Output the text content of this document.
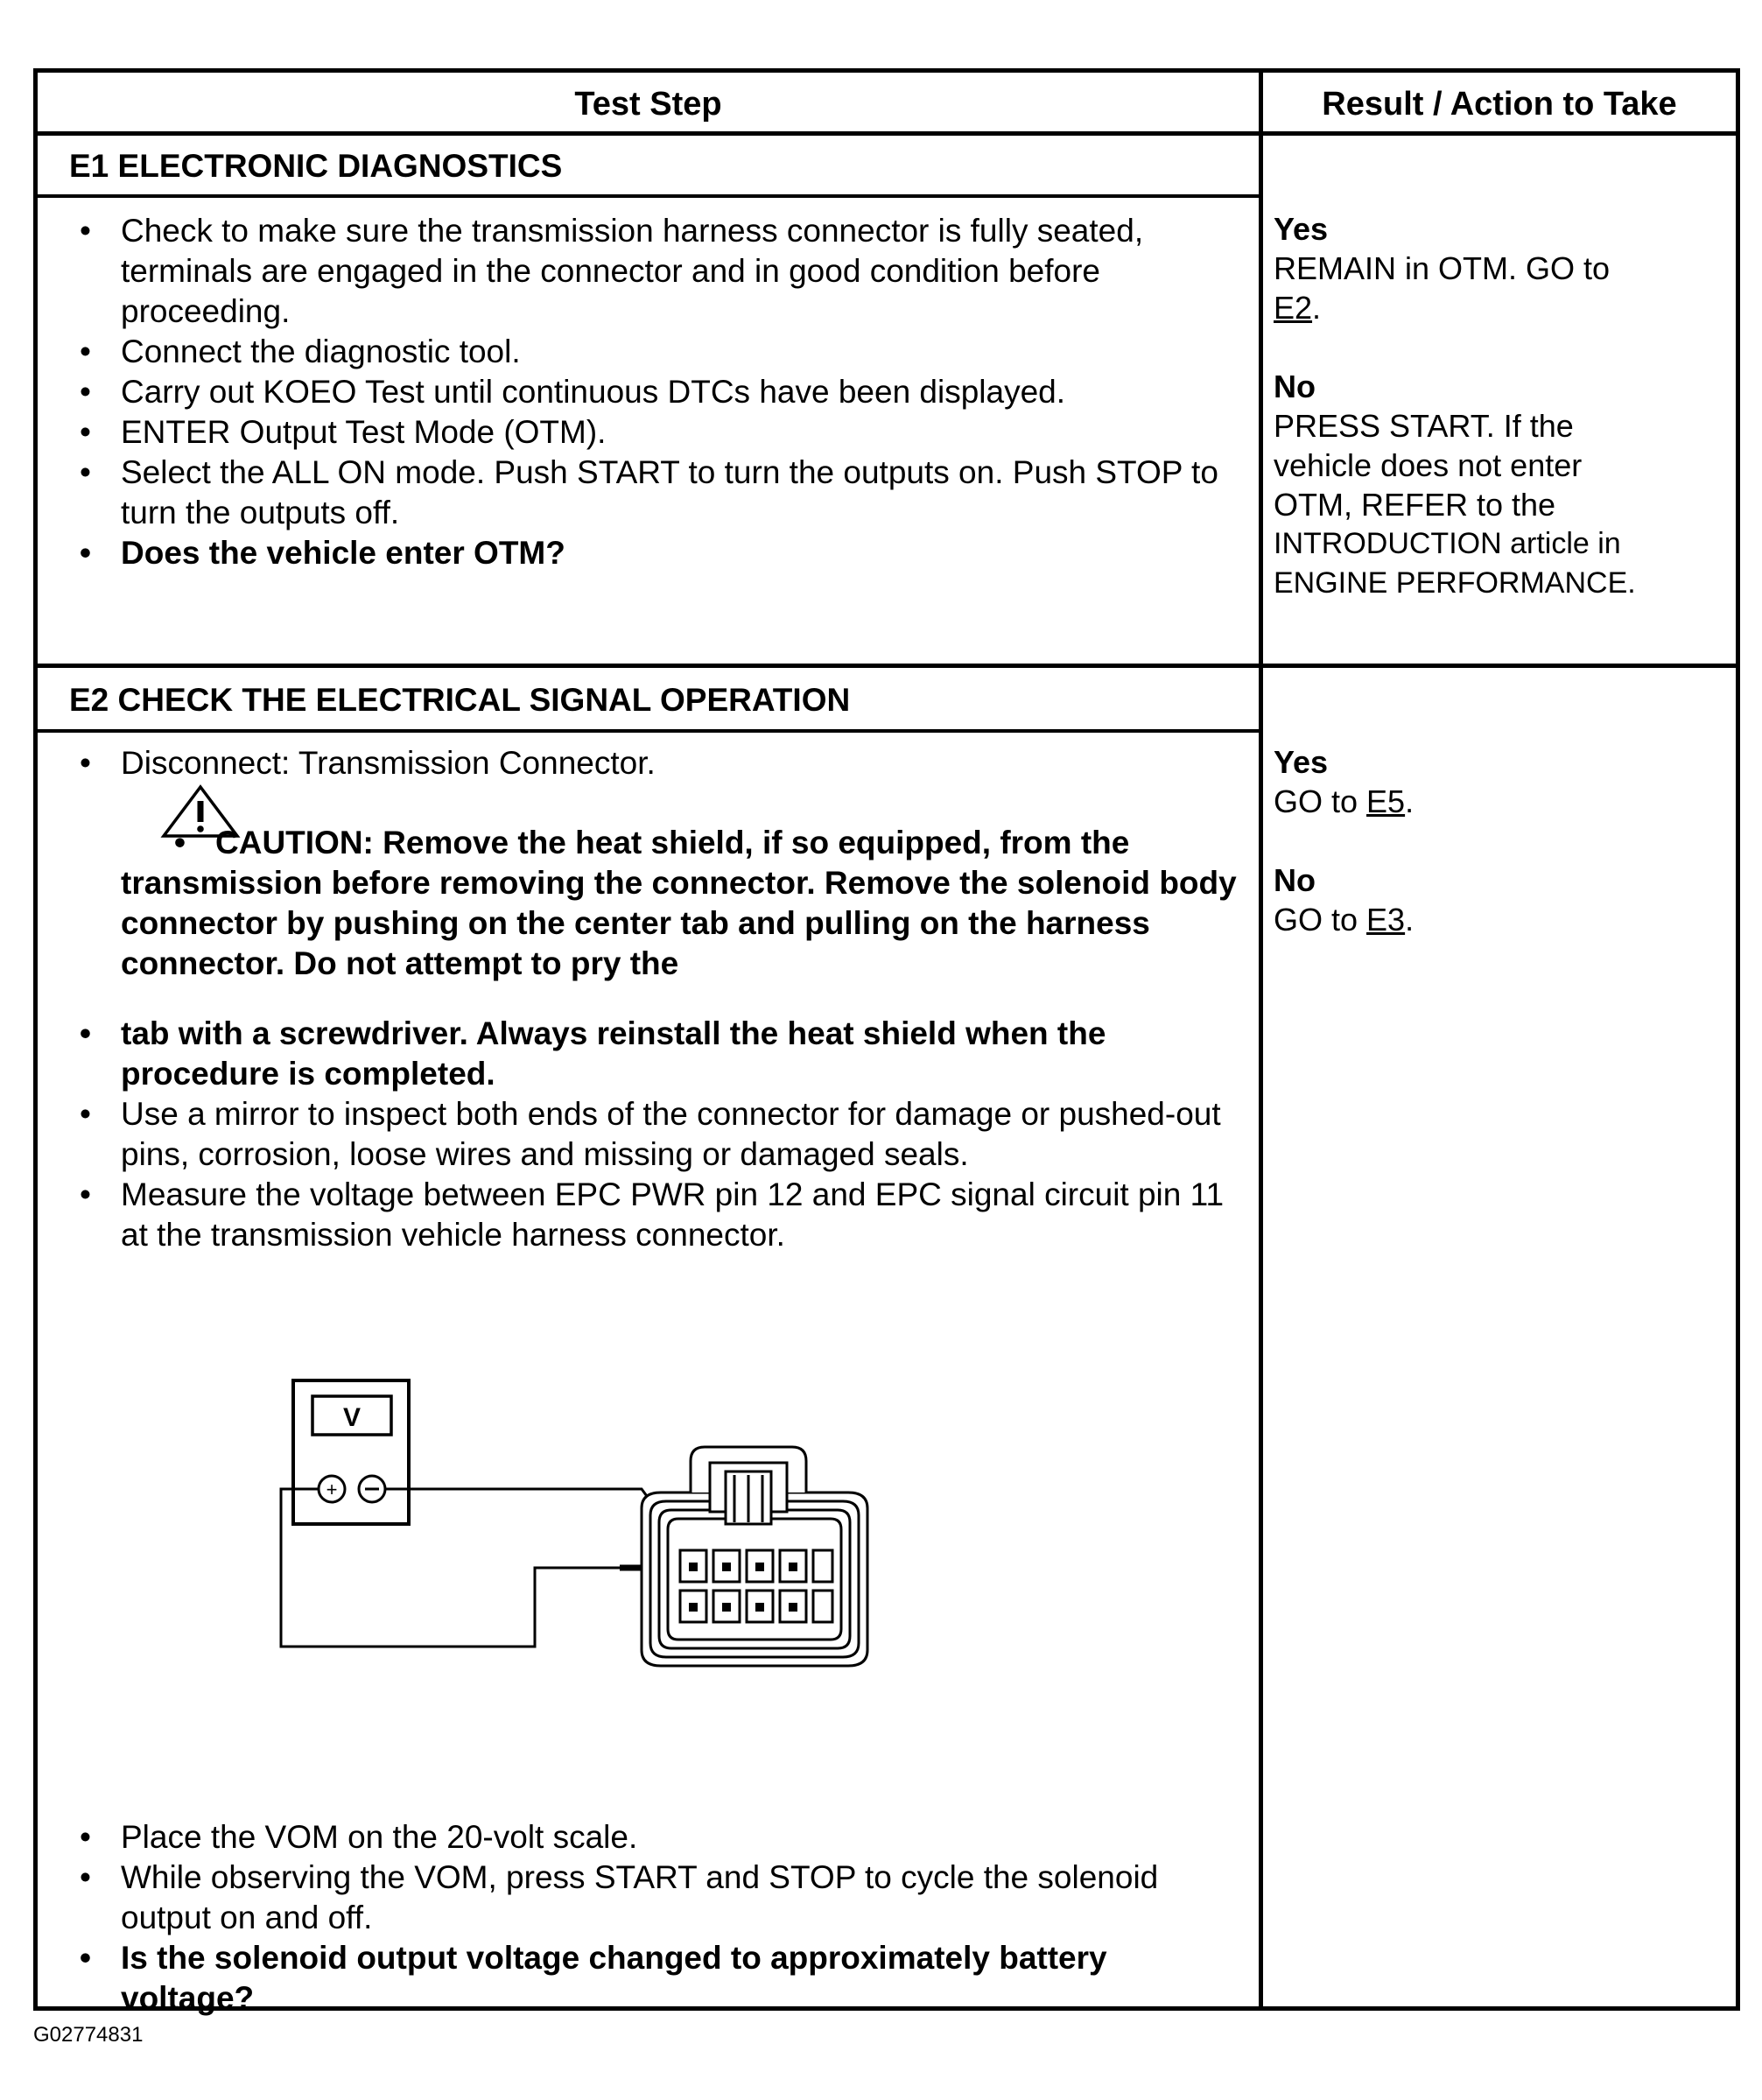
Test Step	Result / Action to Take
E1 ELECTRONIC DIAGNOSTICS
• Check to make sure the transmission harness connector is fully seated, terminals are engaged in the connector and in good condition before proceeding.
• Connect the diagnostic tool.
• Carry out KOEO Test until continuous DTCs have been displayed.
• ENTER Output Test Mode (OTM).
• Select the ALL ON mode. Push START to turn the outputs on. Push STOP to turn the outputs off.
• Does the vehicle enter OTM?
Yes
REMAIN in OTM. GO to
E2.
No
PRESS START. If the
vehicle does not enter
OTM, REFER to the
INTRODUCTION article in
ENGINE PERFORMANCE.
E2 CHECK THE ELECTRICAL SIGNAL OPERATION
• Disconnect: Transmission Connector.
• CAUTION: Remove the heat shield, if so equipped, from the transmission before removing the connector. Remove the solenoid body connector by pushing on the center tab and pulling on the harness connector. Do not attempt to pry the
• tab with a screwdriver. Always reinstall the heat shield when the procedure is completed.
• Use a mirror to inspect both ends of the connector for damage or pushed-out pins, corrosion, loose wires and missing or damaged seals.
• Measure the voltage between EPC PWR pin 12 and EPC signal circuit pin 11 at the transmission vehicle harness connector.
V
+
• Place the VOM on the 20-volt scale.
• While observing the VOM, press START and STOP to cycle the solenoid output on and off.
• Is the solenoid output voltage changed to approximately battery voltage?
Yes
GO to E5.
No
GO to E3.
G02774831
